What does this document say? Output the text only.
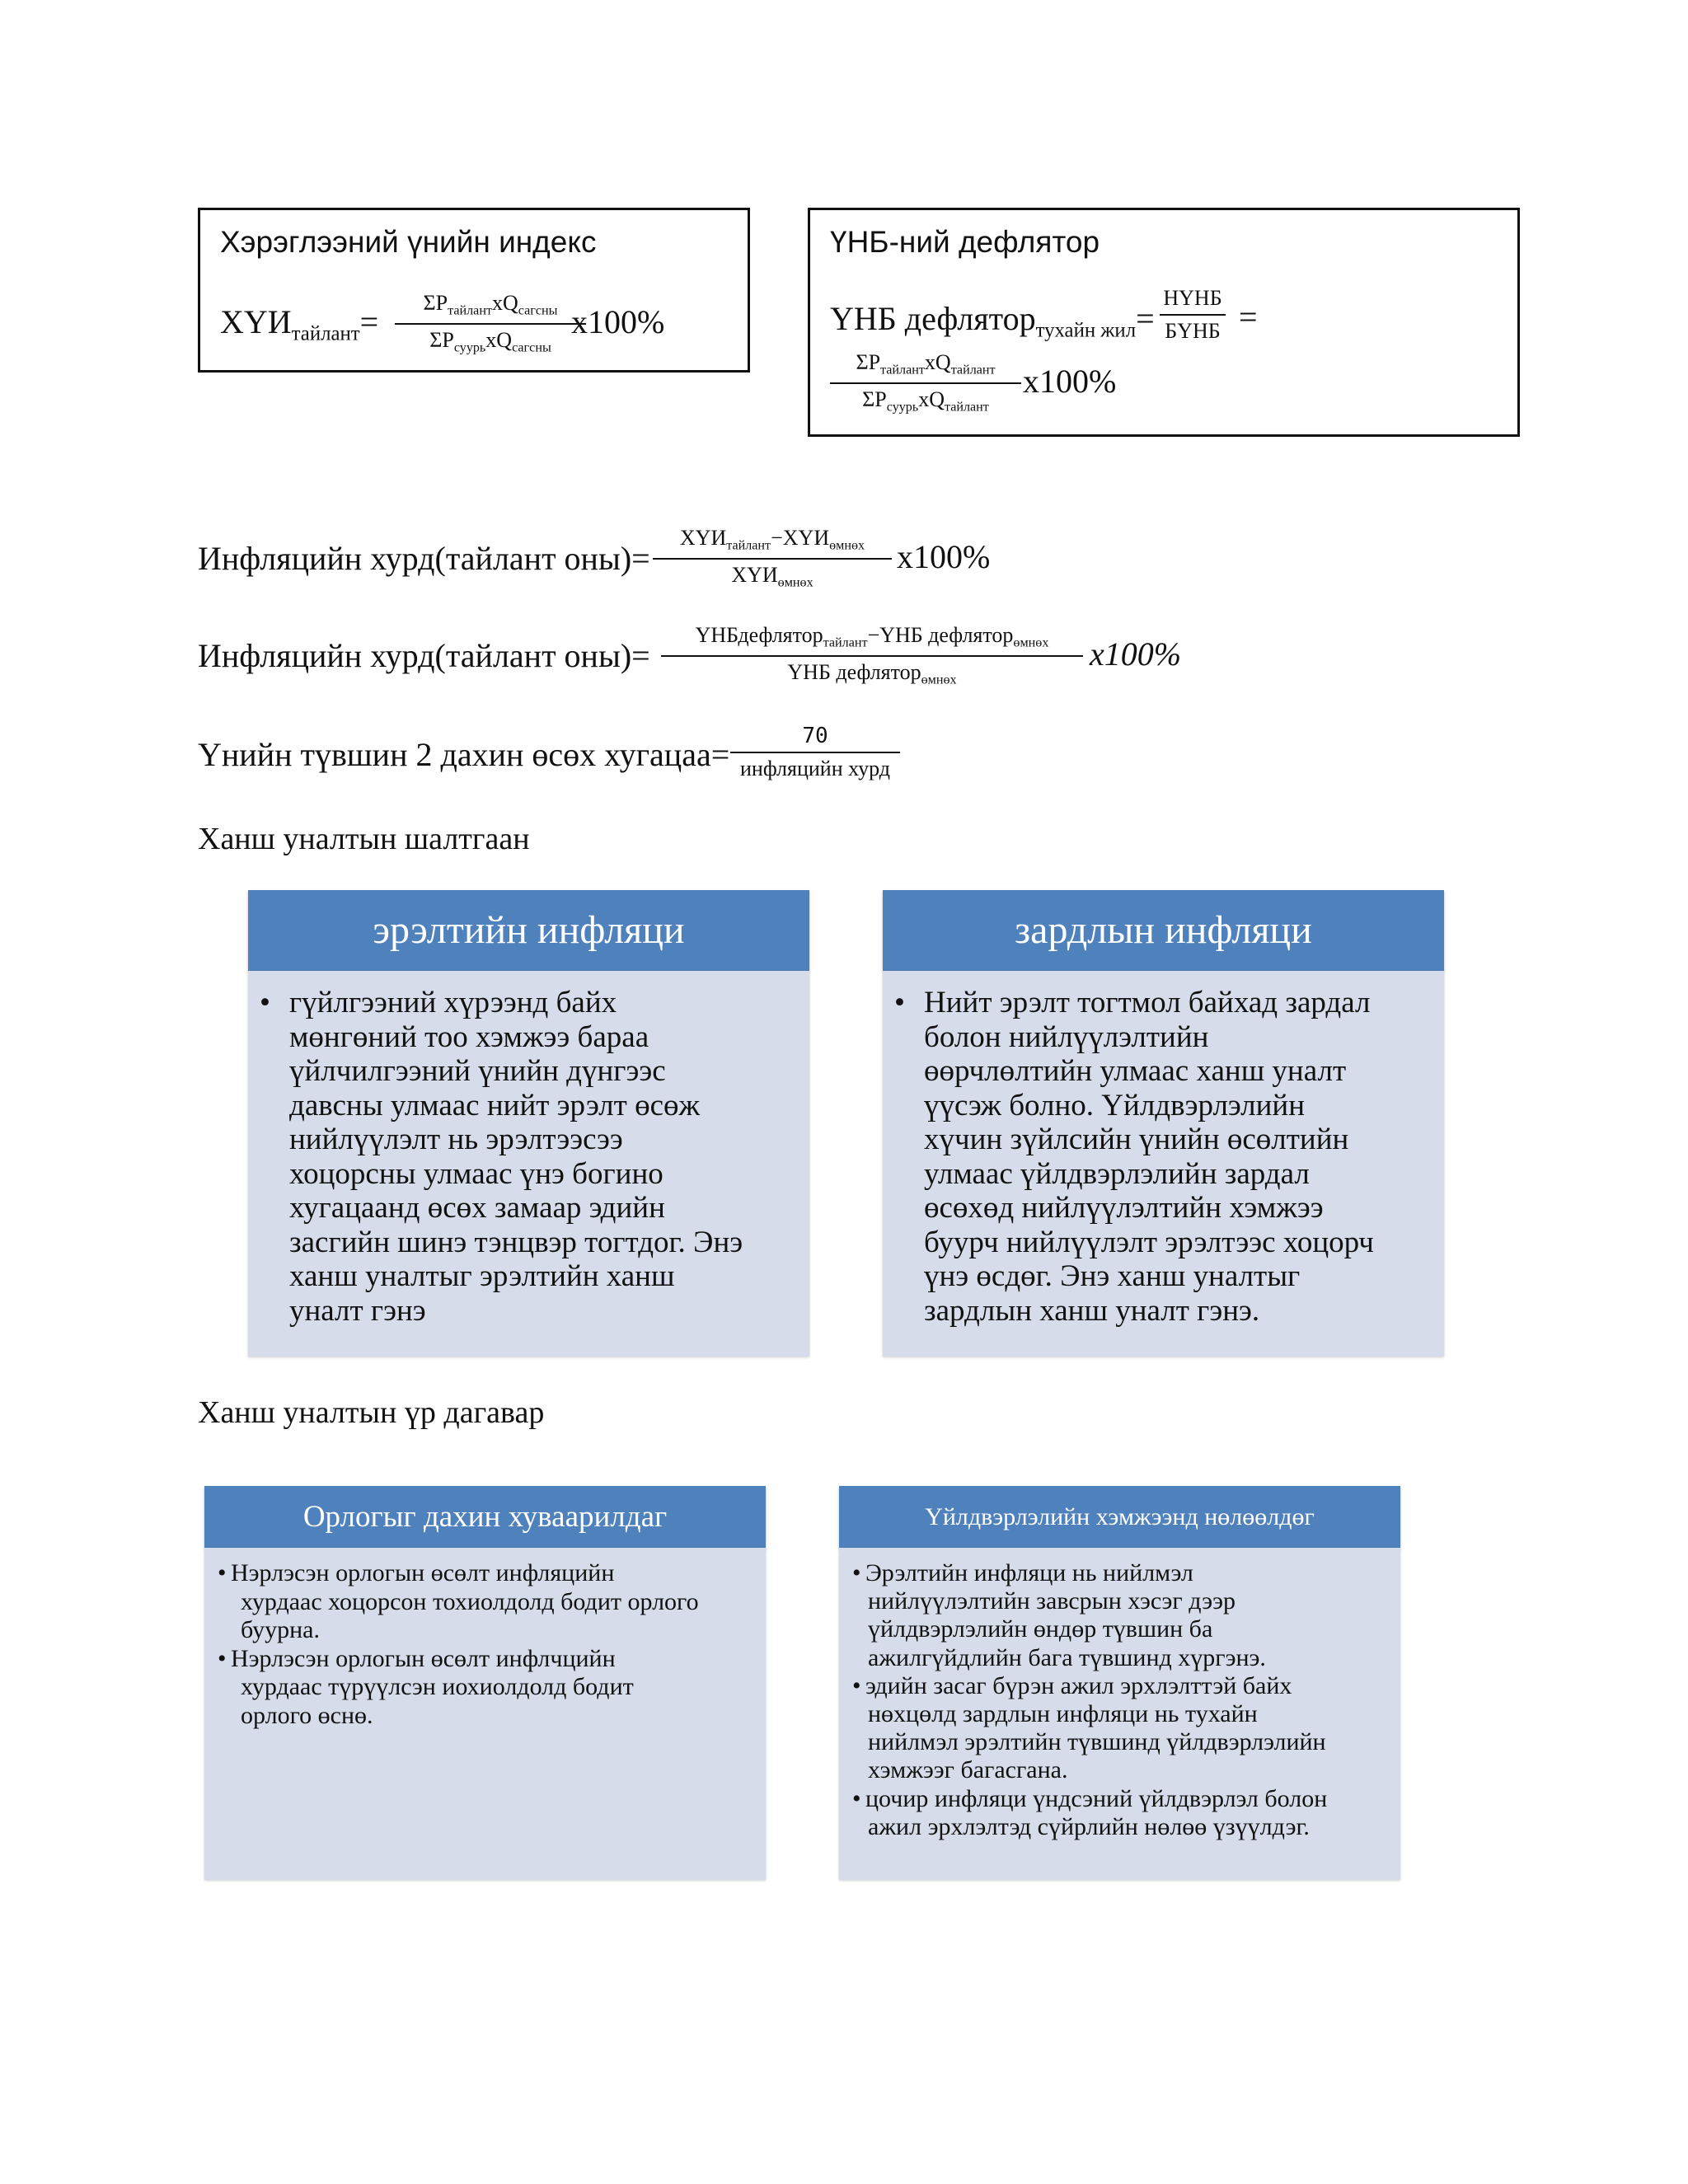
Хэрэглээний үнийн индекс
$ХҮИ_{тайлант}=$
$\Sigma P_{тайлант}xQ_{сагсны}$
$\Sigma P_{суурь}xQ_{сагсны}$
x100%
ҮНБ-ний дефлятор
ҮНБ дефлятор$_{тухайн жил}$=
НҮНБ
БҮНБ =
$\Sigma P_{тайлант}xQ_{тайлант}$
$\Sigma P_{суурь}xQ_{тайлант}$
x100%
Инфляцийн хурд(тайлант оны)=
$ХҮИ_{тайлант}-ХҮИ_{өмнөх}$
$ХҮИ_{өмнөх}$
x100%
Инфляцийн хурд(тайлант оны)=
ҮНБдефлятор$_{тайлант}$−ҮНБ дефлятор$_{өмнөх}$
ҮНБ дефлятор$_{өмнөх}$
x100%
Үнийн түвшин 2 дахин өсөх хугацаа=	70
инфляцийн хурд
Ханш уналтын шалтгаан
эрэлтийн инфляци
• гүйлгээний хүрээнд байх
мөнгөний тоо хэмжээ бараа
үйлчилгээний үнийн дүнгээс
давсны улмаас нийт эрэлт өсөж
нийлүүлэлт нь эрэлтээсээ
хоцорсны улмаас үнэ богино
хугацаанд өсөх замаар эдийн
засгийн шинэ тэнцвэр тогтдог. Энэ
ханш уналтыг эрэлтийн ханш
уналт гэнэ
зардлын инфляци
• Нийт эрэлт тогтмол байхад зардал
болон нийлүүлэлтийн
өөрчлөлтийн улмаас ханш уналт
үүсэж болно. Үйлдвэрлэлийн
хүчин зүйлсийн үнийн өсөлтийн
улмаас үйлдвэрлэлийн зардал
өсөхөд нийлүүлэлтийн хэмжээ
буурч нийлүүлэлт эрэлтээс хоцорч
үнэ өсдөг. Энэ ханш уналтыг
зардлын ханш уналт гэнэ.
Ханш уналтын үр дагавар
Орлогыг дахин хуваарилдаг
• Нэрлэсэн орлогын өсөлт инфляцийн
хурдаас хоцорсон тохиолдолд бодит орлого
буурна.
• Нэрлэсэн орлогын өсөлт инфлчцийн
хурдаас түрүүлсэн иохиолдолд бодит
орлого өснө.
Үйлдвэрлэлийн хэмжээнд нөлөөлдөг
• Эрэлтийн инфляци нь нийлмэл
нийлүүлэлтийн завсрын хэсэг дээр
үйлдвэрлэлийн өндөр түвшин ба
ажилгүйдлийн бага түвшинд хүргэнэ.
• эдийн засаг бүрэн ажил эрхлэлттэй байх
нөхцөлд зардлын инфляци нь тухайн
нийлмэл эрэлтийн түвшинд үйлдвэрлэлийн
хэмжээг багасгана.
• цочир инфляци үндсэний үйлдвэрлэл болон
ажил эрхлэлтэд сүйрлийн нөлөө үзүүлдэг.
